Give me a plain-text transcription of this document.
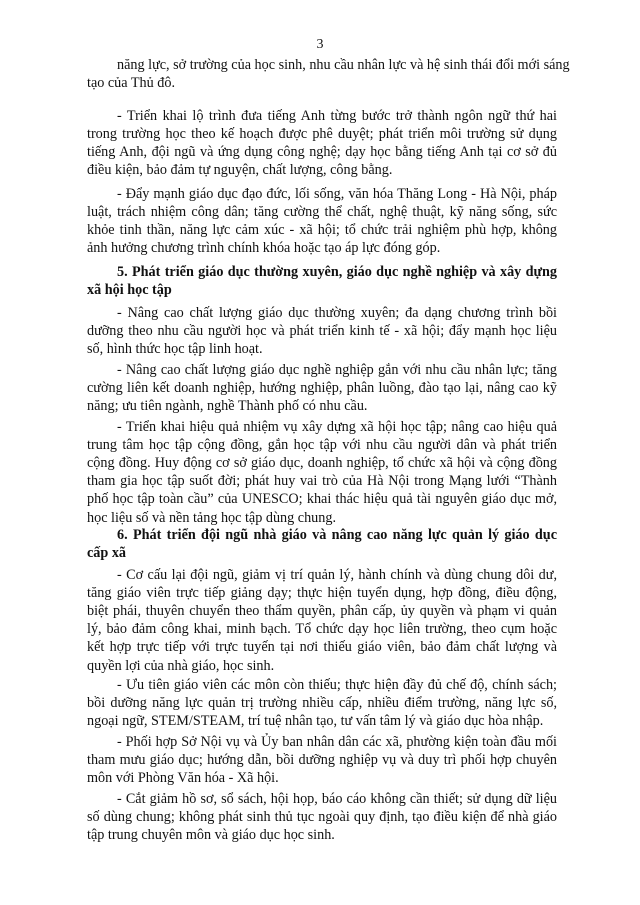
3
năng lực, sở trường của học sinh, nhu cầu nhân lực và hệ sinh thái đổi mới sáng
tạo của Thủ đô.
- Triển khai lộ trình đưa tiếng Anh từng bước trở thành ngôn ngữ thứ hai
trong trường học theo kế hoạch được phê duyệt; phát triển môi trường sử dụng
tiếng Anh, đội ngũ và ứng dụng công nghệ; dạy học bằng tiếng Anh tại cơ sở đủ
điều kiện, bảo đảm tự nguyện, chất lượng, công bằng.
- Đẩy mạnh giáo dục đạo đức, lối sống, văn hóa Thăng Long - Hà Nội, pháp
luật, trách nhiệm công dân; tăng cường thể chất, nghệ thuật, kỹ năng sống, sức
khỏe tinh thần, năng lực cảm xúc - xã hội; tổ chức trải nghiệm phù hợp, không
ảnh hưởng chương trình chính khóa hoặc tạo áp lực đóng góp.
5. Phát triển giáo dục thường xuyên, giáo dục nghề nghiệp và xây dựng
xã hội học tập
- Nâng cao chất lượng giáo dục thường xuyên; đa dạng chương trình bồi
dưỡng theo nhu cầu người học và phát triển kinh tế - xã hội; đẩy mạnh học liệu
số, hình thức học tập linh hoạt.
- Nâng cao chất lượng giáo dục nghề nghiệp gắn với nhu cầu nhân lực; tăng
cường liên kết doanh nghiệp, hướng nghiệp, phân luồng, đào tạo lại, nâng cao kỹ
năng; ưu tiên ngành, nghề Thành phố có nhu cầu.
- Triển khai hiệu quả nhiệm vụ xây dựng xã hội học tập; nâng cao hiệu quả
trung tâm học tập cộng đồng, gắn học tập với nhu cầu người dân và phát triển
cộng đồng. Huy động cơ sở giáo dục, doanh nghiệp, tổ chức xã hội và cộng đồng
tham gia học tập suốt đời; phát huy vai trò của Hà Nội trong Mạng lưới “Thành
phố học tập toàn cầu” của UNESCO; khai thác hiệu quả tài nguyên giáo dục mở,
học liệu số và nền tảng học tập dùng chung.
6. Phát triển đội ngũ nhà giáo và nâng cao năng lực quản lý giáo dục
cấp xã
- Cơ cấu lại đội ngũ, giảm vị trí quản lý, hành chính và dùng chung dôi dư,
tăng giáo viên trực tiếp giảng dạy; thực hiện tuyển dụng, hợp đồng, điều động,
biệt phái, thuyên chuyển theo thẩm quyền, phân cấp, ủy quyền và phạm vi quản
lý, bảo đảm công khai, minh bạch. Tổ chức dạy học liên trường, theo cụm hoặc
kết hợp trực tiếp với trực tuyến tại nơi thiếu giáo viên, bảo đảm chất lượng và
quyền lợi của nhà giáo, học sinh.
- Ưu tiên giáo viên các môn còn thiếu; thực hiện đầy đủ chế độ, chính sách;
bồi dưỡng năng lực quản trị trường nhiều cấp, nhiều điểm trường, năng lực số,
ngoại ngữ, STEM/STEAM, trí tuệ nhân tạo, tư vấn tâm lý và giáo dục hòa nhập.
- Phối hợp Sở Nội vụ và Ủy ban nhân dân các xã, phường kiện toàn đầu mối
tham mưu giáo dục; hướng dẫn, bồi dưỡng nghiệp vụ và duy trì phối hợp chuyên
môn với Phòng Văn hóa - Xã hội.
- Cắt giảm hồ sơ, sổ sách, hội họp, báo cáo không cần thiết; sử dụng dữ liệu
số dùng chung; không phát sinh thủ tục ngoài quy định, tạo điều kiện để nhà giáo
tập trung chuyên môn và giáo dục học sinh.
